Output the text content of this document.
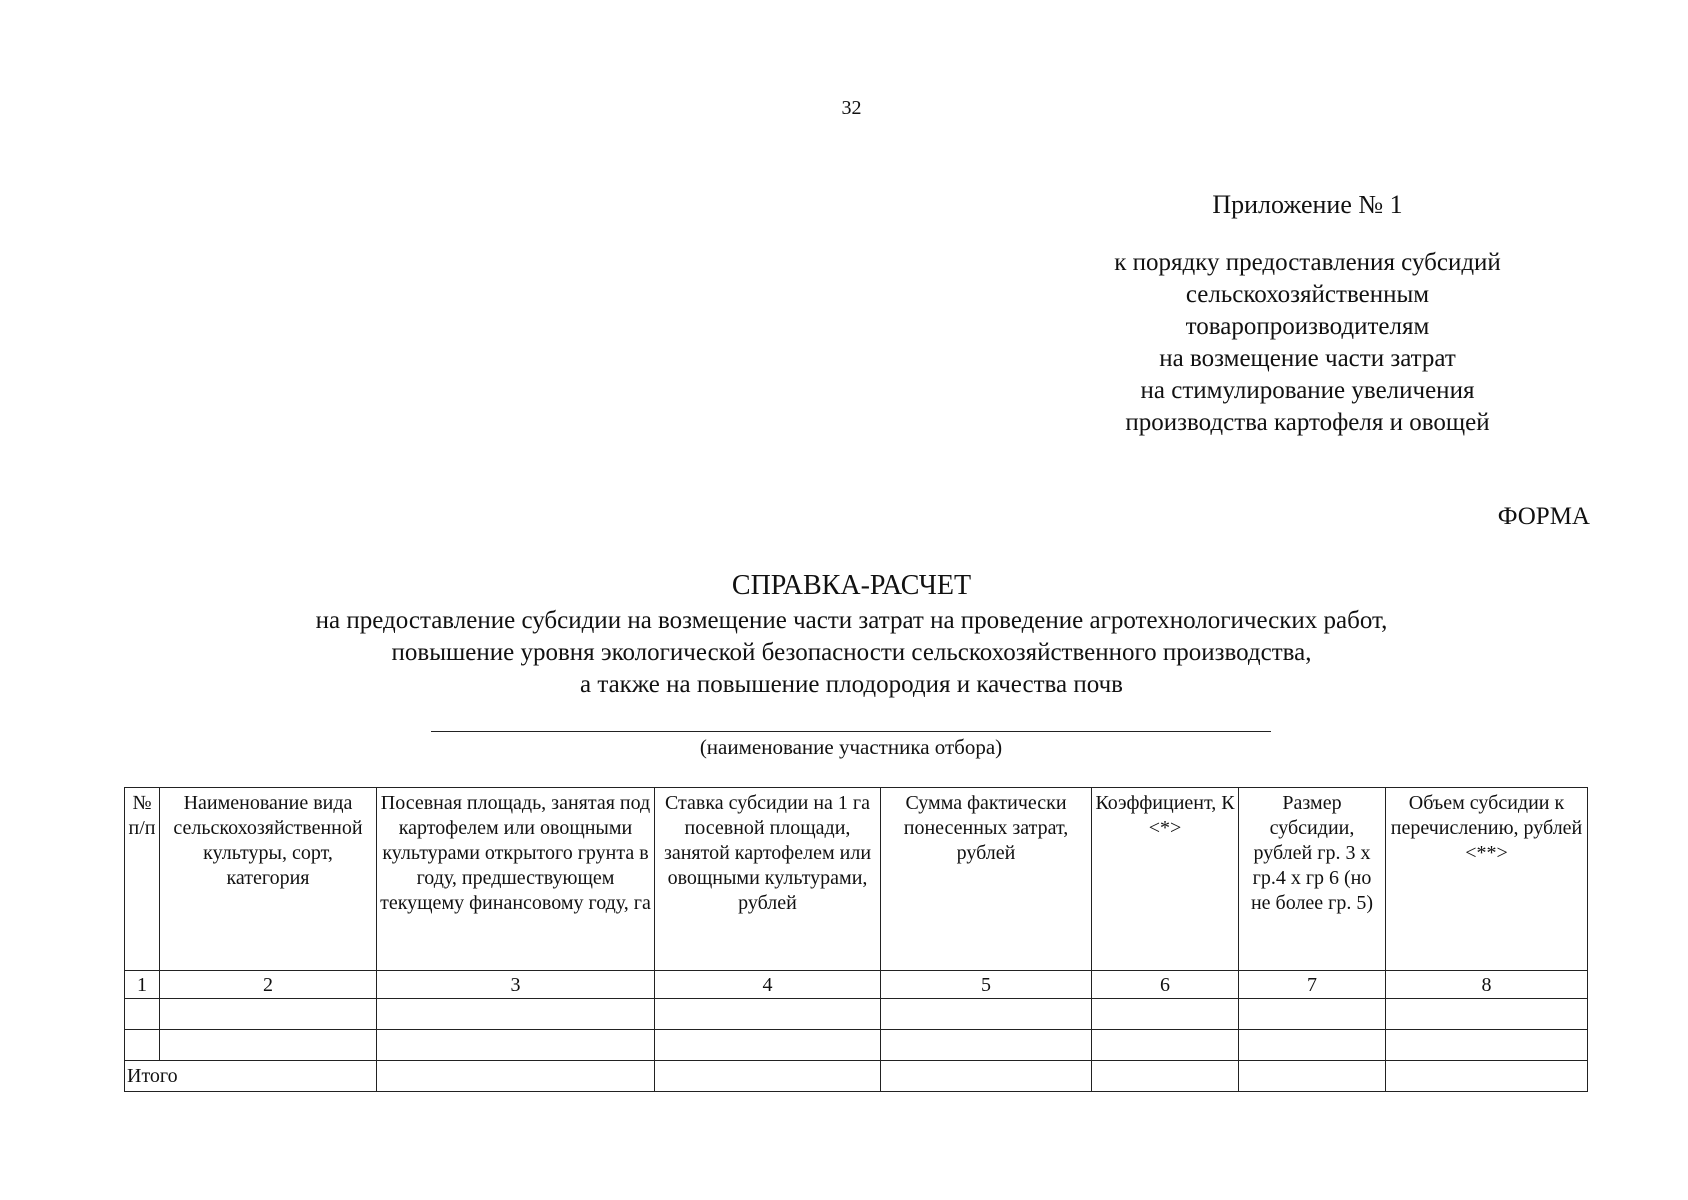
32
Приложение № 1
к порядку предоставления субсидий
сельскохозяйственным
товаропроизводителям
на возмещение части затрат
на стимулирование увеличения
производства картофеля и овощей
ФОРМА
СПРАВКА-РАСЧЕТ
на предоставление субсидии на возмещение части затрат на проведение агротехнологических работ,
повышение уровня экологической безопасности сельскохозяйственного производства,
а также на повышение плодородия и качества почв
(наименование участника отбора)
№ п/п	Наименование вида сельскохозяйственной культуры, сорт, категория	Посевная площадь, занятая под картофелем или овощными культурами открытого грунта в году, предшествующем текущему финансовому году, га	Ставка субсидии на 1 га посевной площади, занятой картофелем или овощными культурами, рублей	Сумма фактически понесенных затрат, рублей	Коэффициент, К <*>	Размер субсидии, рублей гр. 3 х гр.4 х гр 6 (но не более гр. 5)	Объем субсидии к перечислению, рублей <**>
1	2	3	4	5	6	7	8

Итого							
